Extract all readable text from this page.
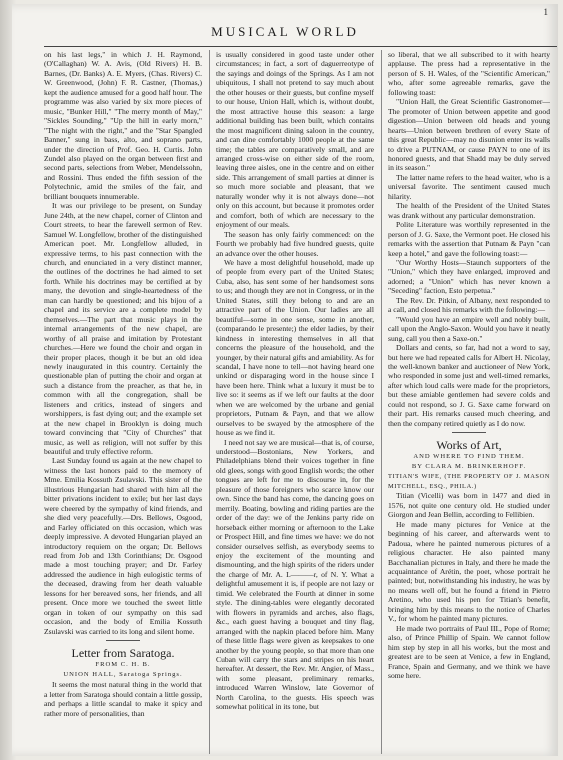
1
MUSICAL WORLD

on his last legs," in which J. H. Raymond, (O'Callaghan) W. A. Avis, (Old Rivers) H. B. Barnes, (Dr. Banks) A. E. Myers, (Chas. Rivers) C. W. Greenwood, (John) F. R. Castner, (Thomas,) kept the audience amused for a good half hour. The programme was also varied by six more pieces of music, "Bunker Hill," "The merry month of May," "Sickles Sounding," "Up the hill in early morn," "The night with the right," and the "Star Spangled Banner," sung in bass, alto, and soprano parts, under the direction of Prof. Geo. H. Curtis. John Zundel also played on the organ between first and second parts, selections from Weber, Mendelssohn, and Rossini. Thus ended the fifth session of the Polytechnic, amid the smiles of the fair, and brilliant bouquets innumerable.

It was our privilege to be present, on Sunday June 24th, at the new chapel, corner of Clinton and Court streets, to hear the farewell sermon of Rev. Samuel W. Longfellow, brother of the distinguished American poet. Mr. Longfellow alluded, in expressive terms, to his past connection with the church, and enunciated in a very distinct manner, the outlines of the doctrines he had aimed to set forth. While his doctrines may be certified at by many, the devotion and single-heartedness of the man can hardly be questioned; and his bijou of a chapel and its service are a complete model by themselves.—The part that music plays in the internal arrangements of the new chapel, are worthy of all praise and imitation by Protestant churches.—Here we found the choir and organ in their proper places, though it be but an old idea newly inaugurated in this country. Certainly the questionable plan of putting the choir and organ at such a distance from the preacher, as that he, in common with all the congregation, shall be listeners and critics, instead of singers and worshippers, is fast dying out; and the example set at the new chapel in Brooklyn is doing much toward convincing that "City of Churches" that music, as well as religion, will not suffer by this beautiful and truly effective reform.

Last Sunday found us again at the new chapel to witness the last honors paid to the memory of Mme. Emilia Kossuth Zsulavski. This sister of the illustrious Hungarian had shared with him all the bitter privations incident to exile; but her last days were cheered by the sympathy of kind friends, and she died very peacefully.—Drs. Bellows, Osgood, and Farley officiated on this occasion, which was deeply impressive. A devoted Hungarian played an introductory requiem on the organ; Dr. Bellows read from Job and 13th Corinthians; Dr. Osgood made a most touching prayer; and Dr. Farley addressed the audience in high eulogistic terms of the deceased, drawing from her death valuable lessons for her bereaved sons, her friends, and all present. Once more we touched the sweet little organ in token of our sympathy on this sad occasion, and the body of Emilia Kossuth Zsulavski was carried to its long and silent home.

Letter from Saratoga.
FROM C. H. B.
UNION HALL, Saratoga Springs.

It seems the most natural thing in the world that a letter from Saratoga should contain a little gossip, and perhaps a little scandal to make it spicy and rather more of personalities, than

is usually considered in good taste under other circumstances; in fact, a sort of daguerreotype of the sayings and doings of the Springs. As I am not ubiquitous, I shall not pretend to say much about the other houses or their guests, but confine myself to our house, Union Hall, which is, without doubt, the most attractive house this season: a large additional building has been built, which contains the most magnificent dining saloon in the country, and can dine comfortably 1000 people at the same time; the tables are comparatively small, and are arranged cross-wise on either side of the room, leaving three aisles, one in the centre and on either side. This arrangement of small parties at dinner is so much more sociable and pleasant, that we naturally wonder why it is not always done—not only on this account, but because it promotes order and comfort, both of which are necessary to the enjoyment of our meals.

The season has only fairly commenced: on the Fourth we probably had five hundred guests, quite an advance over the other houses.

We have a most delightful household, made up of people from every part of the United States; Cuba, also, has sent some of her handsomest sons to us; and though they are not in Congress, or in the United States, still they belong to and are an attractive part of the Union. Our ladies are all beautiful—some in one sense, some in another, (comparando le presente;) the elder ladies, by their kindness in interesting themselves in all that concerns the pleasure of the household, and the younger, by their natural gifts and amiability. As for scandal, I have none to tell—not having heard one unkind or disparaging word in the house since I have been here. Think what a luxury it must be to live so: it seems as if we left our faults at the door when we are welcomed by the urbane and genial proprietors, Putnam & Payn, and that we allow ourselves to be swayed by the atmosphere of the house as we find it.

I need not say we are musical—that is, of course, understood—Bostonians, New Yorkers, and Philadelphians blend their voices together in fine old glees, songs with good English words; the other tongues are left for me to discourse in, for the pleasure of those foreigners who scarce know our own. Since the band has come, the dancing goes on merrily. Boating, bowling and riding parties are the order of the day: we of the Jenkins party ride on horseback either morning or afternoon to the Lake or Prospect Hill, and fine times we have: we do not consider ourselves selfish, as everybody seems to enjoy the excitement of the mounting and dismounting, and the high spirits of the riders under the charge of Mr. A. L———r, of N. Y. What a delightful amusement it is, if people are not lazy or timid. We celebrated the Fourth at dinner in some style. The dining-tables were elegantly decorated with flowers in pyramids and arches, also flags, &c., each guest having a bouquet and tiny flag, arranged with the napkin placed before him. Many of these little flags were given as keepsakes to one another by the young people, so that more than one Cuban will carry the stars and stripes on his heart hereafter. At dessert, the Rev. Mr. Angier, of Mass., with some pleasant, preliminary remarks, introduced Warren Winslow, late Governor of North Carolina, to the guests. His speech was somewhat political in its tone, but

so liberal, that we all subscribed to it with hearty applause. The press had a representative in the person of S. H. Wales, of the "Scientific American," who, after some agreeable remarks, gave the following toast:

"Union Hall, the Great Scientific Gastronomer—The promoter of Union between appetite and good digestion—Union between old heads and young hearts—Union between brethren of every State of this great Republic—may no disunion enter its walls to drive a PUTNAM, or cause PAYN to one of its honored guests, and that Shadd may be duly served in its season."

The latter name refers to the head waiter, who is a universal favorite. The sentiment caused much hilarity.

The health of the President of the United States was drank without any particular demonstration.

Polite Literature was worthily represented in the person of J. G. Saxe, the Vermont poet. He closed his remarks with the assertion that Putnam & Payn "can keep a hotel," and gave the following toast:—

"Our Worthy Hosts—Staunch supporters of the "Union," which they have enlarged, improved and adorned; a "Union" which has never known a "Seceding" faction, Esto perpetua."

The Rev. Dr. Pitkin, of Albany, next responded to a call, and closed his remarks with the following:—

"Would you have an empire well and nobly built, call upon the Anglo-Saxon. Would you have it neatly sung, call you then a Saxe-on."

Dollars and cents, so far, had not a word to say, but here we had repeated calls for Albert H. Nicolay, the well-known banker and auctioneer of New York, who responded in some just and well-timed remarks, after which loud calls were made for the proprietors, but these amiable gentlemen had severe colds and could not respond, so J. G. Saxe came forward on their part. His remarks caused much cheering, and then the company retired quietly as I do now.

Works of Art,
AND WHERE TO FIND THEM.
BY CLARA M. BRINKERHOFF.

TITIAN'S WIFE, (THE PROPERTY OF J. MASON MITCHELL, ESQ., PHILA.)

Titian (Vicelli) was born in 1477 and died in 1576, not quite one century old. He studied under Giorgon and Jean Bellin, according to Fellibien.

He made many pictures for Venice at the beginning of his career, and afterwards went to Padoua, where he painted numerous pictures of a religious character. He also painted many Bacchanalian pictures in Italy, and there he made the acquaintance of Arétin, the poet, whose portrait he painted; but, notwithstanding his industry, he was by no means well off, but he found a friend in Pietro Aretino, who used his pen for Titian's benefit, bringing him by this means to the notice of Charles V., for whom he painted many pictures.

He made two portraits of Paul III., Pope of Rome; also, of Prince Phillip of Spain. We cannot follow him step by step in all his works, but the most and greatest are to be seen at Venice, a few in England, France, Spain and Germany, and we think we have some here.
